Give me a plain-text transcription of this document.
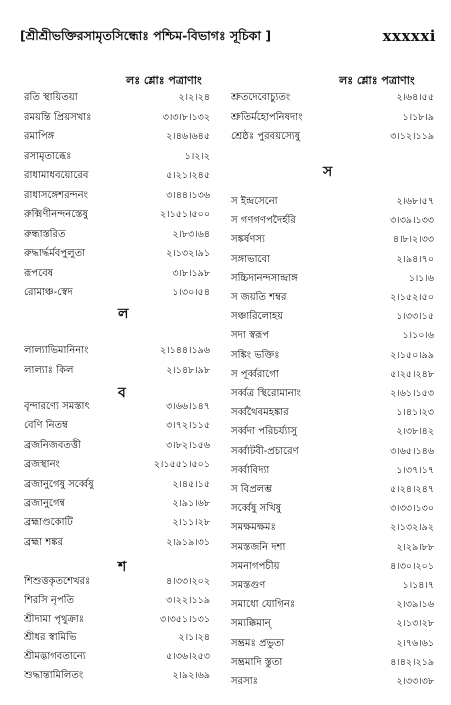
[শ্রীশ্রীভক্তিরসামৃতসিন্ধোঃ পশ্চিম-বিভাগঃ সূচিকা ]	xxxxxi
লঃ শ্লোঃ পত্রাণাং
রতি স্থায়িতয়া	২।২।২৪
রময়ন্তি প্রিয়সখাঃ	৩।৩।৮।১৩২
রমাপিঙ্গ	২।৪৬।৬৪৫
রসামৃতাব্ধেঃ	১।২।২
রাধামাধবয়োরেব	৫।২১।২৪৫
রাধাসঙ্গেশরন্দনং	৩।৪৪।১৩৬
রুক্মিণীনন্দনস্তেষু	২।১৫১।৫০০
রুন্ধাস্তরিত	২।৮৩।৬৪
রুদ্ধার্দ্ধর্মবপুলুতা	২।১৩২।৯১
রূপবেষ	৩।৮।১৯৮
রোমাঞ্চ-স্বেদ	১।৩০।৫৪
ল
লাল্যাভিমানিনাং	২।১৪৪।১৯৬
লাল্যাঃ কিল	২।১৪৮।৯৮
ব
বৃন্দারণ্যে সমস্তাৎ	৩।৬৬।১৪৭
বেণি নিতম্ব	৩।৭২।১১৫
ব্রজনিজবতত্তী	৩।৮২।১৫৬
ব্রজস্থানং	২।১৫৫১।৫০১
ব্রজানুগেষু সর্ব্বেষু	২।৪৫।১৫
ব্রজানুগেন্ব	২।৯১।৬৮
ব্রহ্মাণ্ডকোটি	২।১১।২৮
ব্রহ্মা শঙ্কর	২।৯১৯।৩১
শ
শিশুত্তকৃতশেখরঃ	৪।৩৩।২০২
শিরসি নৃপতি	৩।২২।১১৯
শ্রীদামা পৃথুক্রাঃ	৩।৩৫১।১৩১
শ্রীধর স্বামিভি	২।১।২৪
শ্রীমদ্ভাগবতান্যে	৫।৩৬।২৫৩
শুদ্ধান্তামিলিতং	২।৯২।৬৯
লঃ শ্লোঃ পত্রাণাং
শ্রুতদেবোচ্যুতং	২।৬৪।৫৫
শ্রুতির্মহোপনিষদাং	১।১৮।৯
শ্রেষ্ঠঃ পুরবয়স্যেষু	৩।১২।১১৯
স
স ইন্দ্রসেনো	২।৬৮।৫৭
স গণগণপদৈর্হরি	৩।৩৯।১৩৩
সঙ্কর্ষণস্য	৪।৮।২।৩৩
সঙ্গাভাবো	২।৯৪।৭০
সচ্চিদানন্দসান্দ্রাঙ্গ	১।১।৬
স জয়তি শম্বর	২।১৫২।৫০
সঞ্চারিলোহয়	১।৩৩।১৫
সদা স্বরূপ	১।১০।৬
সঙ্কিং ভক্তিঃ	২।১৫০।৯৯
স পূর্ব্বরাগো	৫।২৫।২৪৮
সর্ব্বত্র স্থিরোমানাং	২।৬১।১৫৩
সর্ব্বথৈবমহঙ্কার	১।৪১।২৩
সর্ব্বদা পরিচর্য্যাসু	২।৩৮।৪২
সর্ব্বাটবী-প্রচারেণ	৩।৬৫।১৪৬
সর্ব্বাবিদ্যা	১।৩৭।১৭
স বিপ্রলম্ভ	৫।২৪।২৪৭
সর্ব্বেষু সখিষু	৩।৩৩।১৩০
সমক্ষমক্ষমঃ	২।১৩২।৯২
সমস্তজনি দশা	২।২৯।৮৮
সমনাগপচীয়	৪।৩০।২০১
সমস্তগুণ	১।১৪।৭
সমাধো যোগিনঃ	২।৩৯।১৬
সম্যক্কিমান্	২।১৩।২৮
সম্ভ্রমঃ প্রভুতা	২।৭৬।৬১
সম্ভ্রমাদি স্তুতা	৪।৪২।২১৯
সরসাঃ	২।৩৩।৩৮
